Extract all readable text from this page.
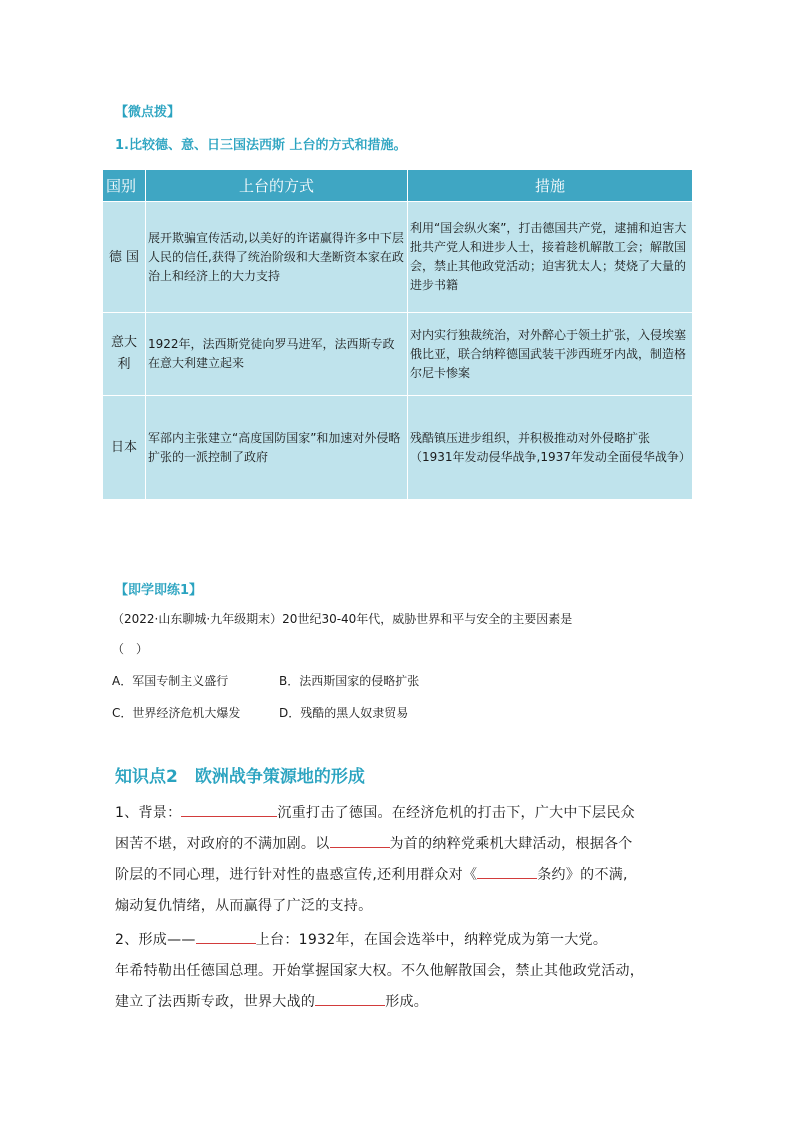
【微点拨】
1.比较德、意、日三国法西斯 上台的方式和措施。
国别	上台的方式	措施
德 国	展开欺骗宣传活动,以美好的许诺赢得许多中下层人民的信任,获得了统治阶级和大垄断资本家在政治上和经济上的大力支持	利用“国会纵火案”，打击德国共产党，逮捕和迫害大批共产党人和进步人士，接着趁机解散工会；解散国会，禁止其他政党活动；迫害犹太人；焚烧了大量的进步书籍
意大利	1922年，法西斯党徒向罗马进军，法西斯专政在意大利建立起来	对内实行独裁统治，对外醉心于领土扩张，入侵埃塞俄比亚，联合纳粹德国武装干涉西班牙内战，制造格尔尼卡惨案
日本	军部内主张建立“高度国防国家”和加速对外侵略扩张的一派控制了政府	残酷镇压进步组织，并积极推动对外侵略扩张（1931年发动侵华战争,1937年发动全面侵华战争）
【即学即练1】
（2022·山东聊城·九年级期末）20世纪30-40年代，威胁世界和平与安全的主要因素是
（　）
A．军国专制主义盛行	B．法西斯国家的侵略扩张
C．世界经济危机大爆发	D．残酷的黑人奴隶贸易
知识点2　欧洲战争策源地的形成
1、背景：	沉重打击了德国。在经济危机的打击下，广大中下层民众
困苦不堪，对政府的不满加剧。以	为首的纳粹党乘机大肆活动，根据各个
阶层的不同心理，进行针对性的蛊惑宣传,还利用群众对《	条约》的不满,
煽动复仇情绪，从而赢得了广泛的支持。
2、形成——	上台：1932年，在国会选举中，纳粹党成为第一大党。
年希特勒出任德国总理。开始掌握国家大权。不久他解散国会，禁止其他政党活动，
建立了法西斯专政，世界大战的	形成。
